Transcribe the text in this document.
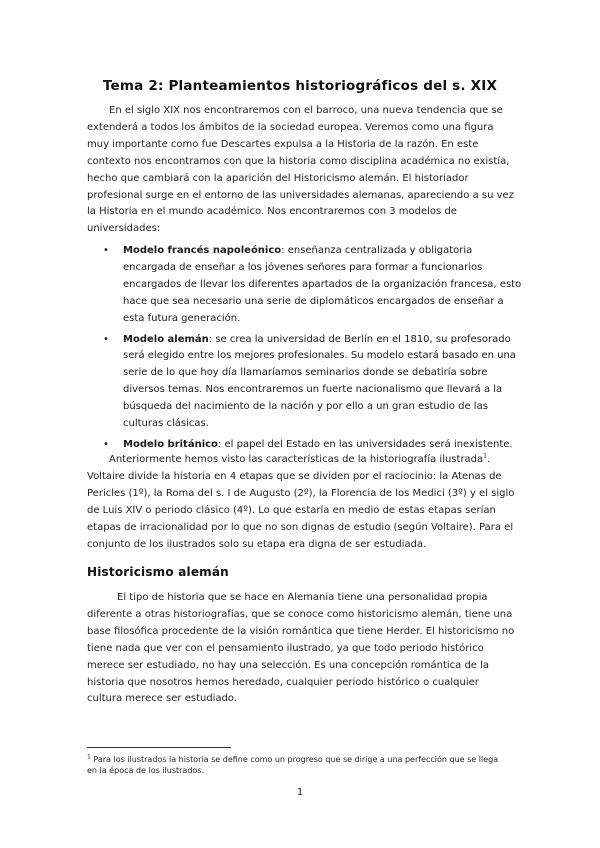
Tema 2: Planteamientos historiográficos del s. XIX
En el siglo XIX nos encontraremos con el barroco, una nueva tendencia que se extenderá a todos los ámbitos de la sociedad europea. Veremos como una figura muy importante como fue Descartes expulsa a la Historia de la razón. En este contexto nos encontramos con que la historia como disciplina académica no existía, hecho que cambiará con la aparición del Historicismo alemán. El historiador profesional surge en el entorno de las universidades alemanas, apareciendo a su vez la Historia en el mundo académico. Nos encontraremos con 3 modelos de universidades:
• Modelo francés napoleónico: enseñanza centralizada y obligatoria encargada de enseñar a los jóvenes señores para formar a funcionarios encargados de llevar los diferentes apartados de la organización francesa, esto hace que sea necesario una serie de diplomáticos encargados de enseñar a esta futura generación.
• Modelo alemán: se crea la universidad de Berlín en el 1810, su profesorado será elegido entre los mejores profesionales. Su modelo estará basado en una serie de lo que hoy día llamaríamos seminarios donde se debatiría sobre diversos temas. Nos encontraremos un fuerte nacionalismo que llevará a la búsqueda del nacimiento de la nación y por ello a un gran estudio de las culturas clásicas.
• Modelo británico: el papel del Estado en las universidades será inexistente.
Anteriormente hemos visto las características de la historiografía ilustrada$^1$. Voltaire divide la historia en 4 etapas que se dividen por el raciocinio: la Atenas de Pericles (1º), la Roma del s. I de Augusto (2º), la Florencia de los Medici (3º) y el siglo de Luis XIV o periodo clásico (4º). Lo que estaría en medio de estas etapas serían etapas de irracionalidad por lo que no son dignas de estudio (según Voltaire). Para el conjunto de los ilustrados solo su etapa era digna de ser estudiada.
Historicismo alemán
El tipo de historia que se hace en Alemania tiene una personalidad propia diferente a otras historiografías, que se conoce como historicismo alemán, tiene una base filosófica procedente de la visión romántica que tiene Herder. El historicismo no tiene nada que ver con el pensamiento ilustrado, ya que todo periodo histórico merece ser estudiado, no hay una selección. Es una concepción romántica de la historia que nosotros hemos heredado, cualquier periodo histórico o cualquier cultura merece ser estudiado.
$^1$ Para los ilustrados la historia se define como un progreso que se dirige a una perfección que se llega en la época de los ilustrados.
1
